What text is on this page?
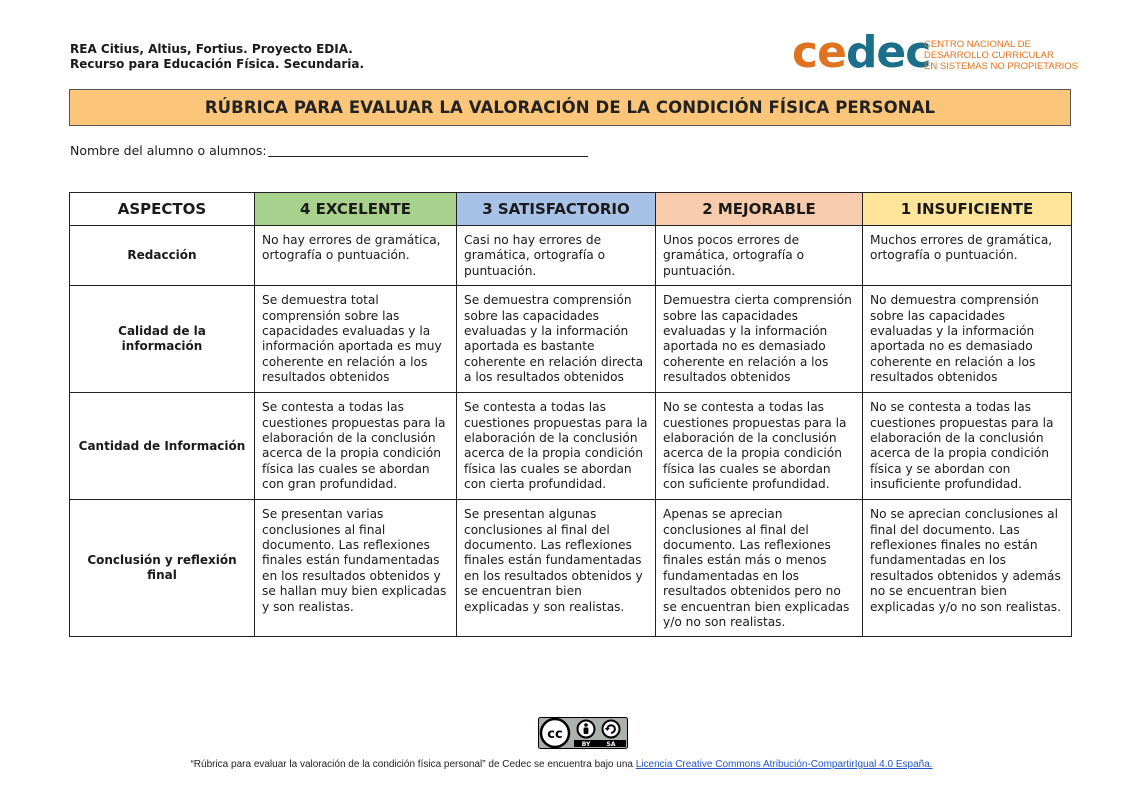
REA Citius, Altius, Fortius. Proyecto EDIA.
Recurso para Educación Física. Secundaria.	cedec
CENTRO NACIONAL DE
DESARROLLO CURRICULAR
EN SISTEMAS NO PROPIETARIOS
RÚBRICA PARA EVALUAR LA VALORACIÓN DE LA CONDICIÓN FÍSICA PERSONAL
Nombre del alumno o alumnos:
ASPECTOS	4 EXCELENTE	3 SATISFACTORIO	2 MEJORABLE	1 INSUFICIENTE
Redacción	No hay errores de gramática, ortografía o puntuación.	Casi no hay errores de gramática, ortografía o puntuación.	Unos pocos errores de gramática, ortografía o puntuación.	Muchos errores de gramática, ortografía o puntuación.
Calidad de la información	Se demuestra total comprensión sobre las capacidades evaluadas y la información aportada es muy coherente en relación a los resultados obtenidos	Se demuestra comprensión sobre las capacidades evaluadas y la información aportada es bastante coherente en relación directa a los resultados obtenidos	Demuestra cierta comprensión sobre las capacidades evaluadas y la información aportada no es demasiado coherente en relación a los resultados obtenidos	No demuestra comprensión sobre las capacidades evaluadas y la información aportada no es demasiado coherente en relación a los resultados obtenidos
Cantidad de Información	Se contesta a todas las cuestiones propuestas para la elaboración de la conclusión acerca de la propia condición física las cuales se abordan con gran profundidad.	Se contesta a todas las cuestiones propuestas para la elaboración de la conclusión acerca de la propia condición física las cuales se abordan con cierta profundidad.	No se contesta a todas las cuestiones propuestas para la elaboración de la conclusión acerca de la propia condición física las cuales se abordan con suficiente profundidad.	No se contesta a todas las cuestiones propuestas para la elaboración de la conclusión acerca de la propia condición física y se abordan con insuficiente profundidad.
Conclusión y reflexión final	Se presentan varias conclusiones al final documento. Las reflexiones finales están fundamentadas en los resultados obtenidos y se hallan muy bien explicadas y son realistas.	Se presentan algunas conclusiones al final del documento. Las reflexiones finales están fundamentadas en los resultados obtenidos y se encuentran bien explicadas y son realistas.	Apenas se aprecian conclusiones al final del documento. Las reflexiones finales están más o menos fundamentadas en los resultados obtenidos pero no se encuentran bien explicadas y/o no son realistas.	No se aprecian conclusiones al final del documento. Las reflexiones finales no están fundamentadas en los resultados obtenidos y además no se encuentran bien explicadas y/o no son realistas.
cc
BY	SA
“Rúbrica para evaluar la valoración de la condición física personal” de Cedec se encuentra bajo una Licencia Creative Commons Atribución-CompartirIgual 4.0 España.
